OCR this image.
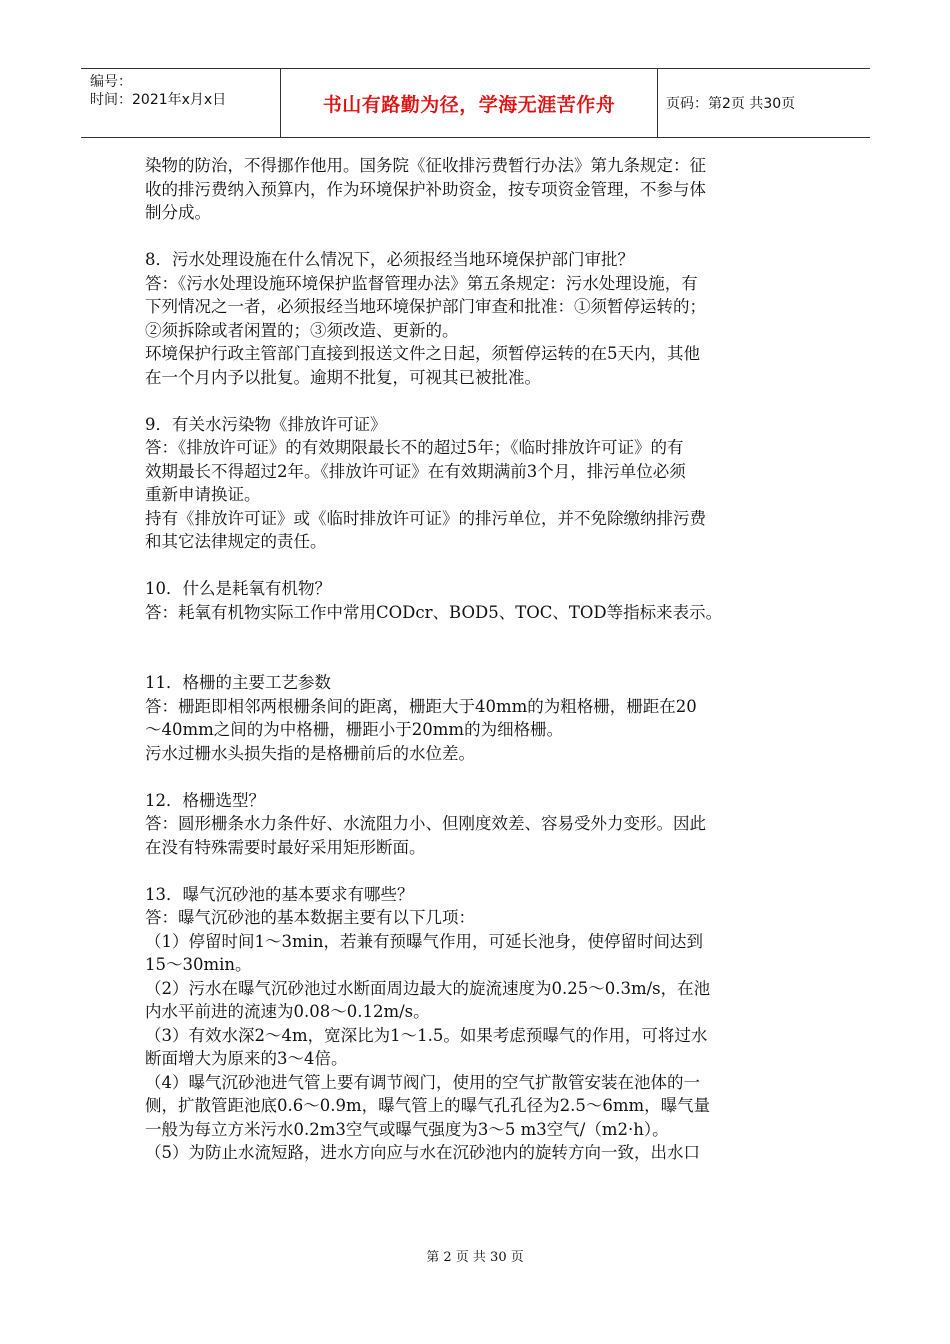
编号：
时间：2021年x月x日	书山有路勤为径，学海无涯苦作舟	页码：第2页 共30页
染物的防治，不得挪作他用。国务院《征收排污费暂行办法》第九条规定：征
收的排污费纳入预算内，作为环境保护补助资金，按专项资金管理，不参与体
制分成。
8．污水处理设施在什么情况下，必须报经当地环境保护部门审批？
答：《污水处理设施环境保护监督管理办法》第五条规定：污水处理设施，有
下列情况之一者，必须报经当地环境保护部门审查和批准：①须暂停运转的；
②须拆除或者闲置的；③须改造、更新的。
环境保护行政主管部门直接到报送文件之日起，须暂停运转的在5天内，其他
在一个月内予以批复。逾期不批复，可视其已被批准。
9．有关水污染物《排放许可证》
答：《排放许可证》的有效期限最长不的超过5年；《临时排放许可证》的有
效期最长不得超过2年。《排放许可证》在有效期满前3个月，排污单位必须
重新申请换证。
持有《排放许可证》或《临时排放许可证》的排污单位，并不免除缴纳排污费
和其它法律规定的责任。
10．什么是耗氧有机物？
答：耗氧有机物实际工作中常用CODcr、BOD5、TOC、TOD等指标来表示。
11．格栅的主要工艺参数
答：栅距即相邻两根栅条间的距离，栅距大于40mm的为粗格栅，栅距在20
～40mm之间的为中格栅，栅距小于20mm的为细格栅。
污水过栅水头损失指的是格栅前后的水位差。
12．格栅选型？
答：圆形栅条水力条件好、水流阻力小、但刚度效差、容易受外力变形。因此
在没有特殊需要时最好采用矩形断面。
13．曝气沉砂池的基本要求有哪些？
答：曝气沉砂池的基本数据主要有以下几项：
（1）停留时间1～3min，若兼有预曝气作用，可延长池身，使停留时间达到
15～30min。
（2）污水在曝气沉砂池过水断面周边最大的旋流速度为0.25～0.3m/s，在池
内水平前进的流速为0.08～0.12m/s。
（3）有效水深2～4m，宽深比为1～1.5。如果考虑预曝气的作用，可将过水
断面增大为原来的3～4倍。
（4）曝气沉砂池进气管上要有调节阀门，使用的空气扩散管安装在池体的一
侧，扩散管距池底0.6～0.9m，曝气管上的曝气孔孔径为2.5～6mm，曝气量
一般为每立方米污水0.2m3空气或曝气强度为3～5 m3空气/（m2·h）。
（5）为防止水流短路，进水方向应与水在沉砂池内的旋转方向一致，出水口
第 2 页 共 30 页
